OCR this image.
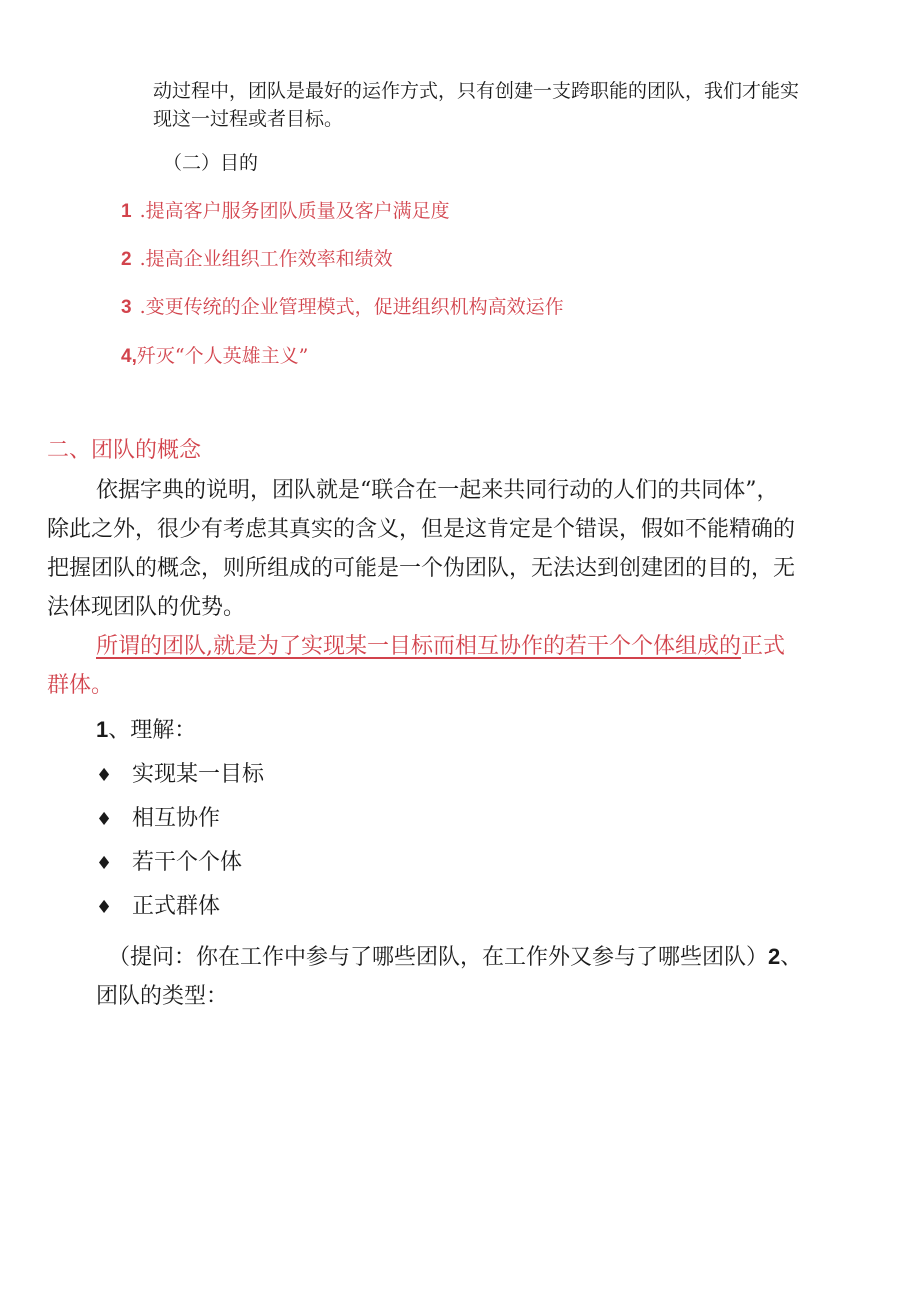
动过程中，团队是最好的运作方式，只有创建一支跨职能的团队，我们才能实
现这一过程或者目标。
（二）目的
1 .提高客户服务团队质量及客户满足度
2 .提高企业组织工作效率和绩效
3 .变更传统的企业管理模式，促进组织机构高效运作
4,歼灭“个人英雄主义”
二、团队的概念
依据字典的说明，团队就是“联合在一起来共同行动的人们的共同体”，
除此之外，很少有考虑其真实的含义，但是这肯定是个错误，假如不能精确的
把握团队的概念，则所组成的可能是一个伪团队，无法达到创建团的目的，无
法体现团队的优势。
所谓的团队,就是为了实现某一目标而相互协作的若干个个体组成的正式
群体。
1、理解：
♦ 实现某一目标
♦ 相互协作
♦ 若干个个体
♦ 正式群体
（提问：你在工作中参与了哪些团队，在工作外又参与了哪些团队）2、
团队的类型：
